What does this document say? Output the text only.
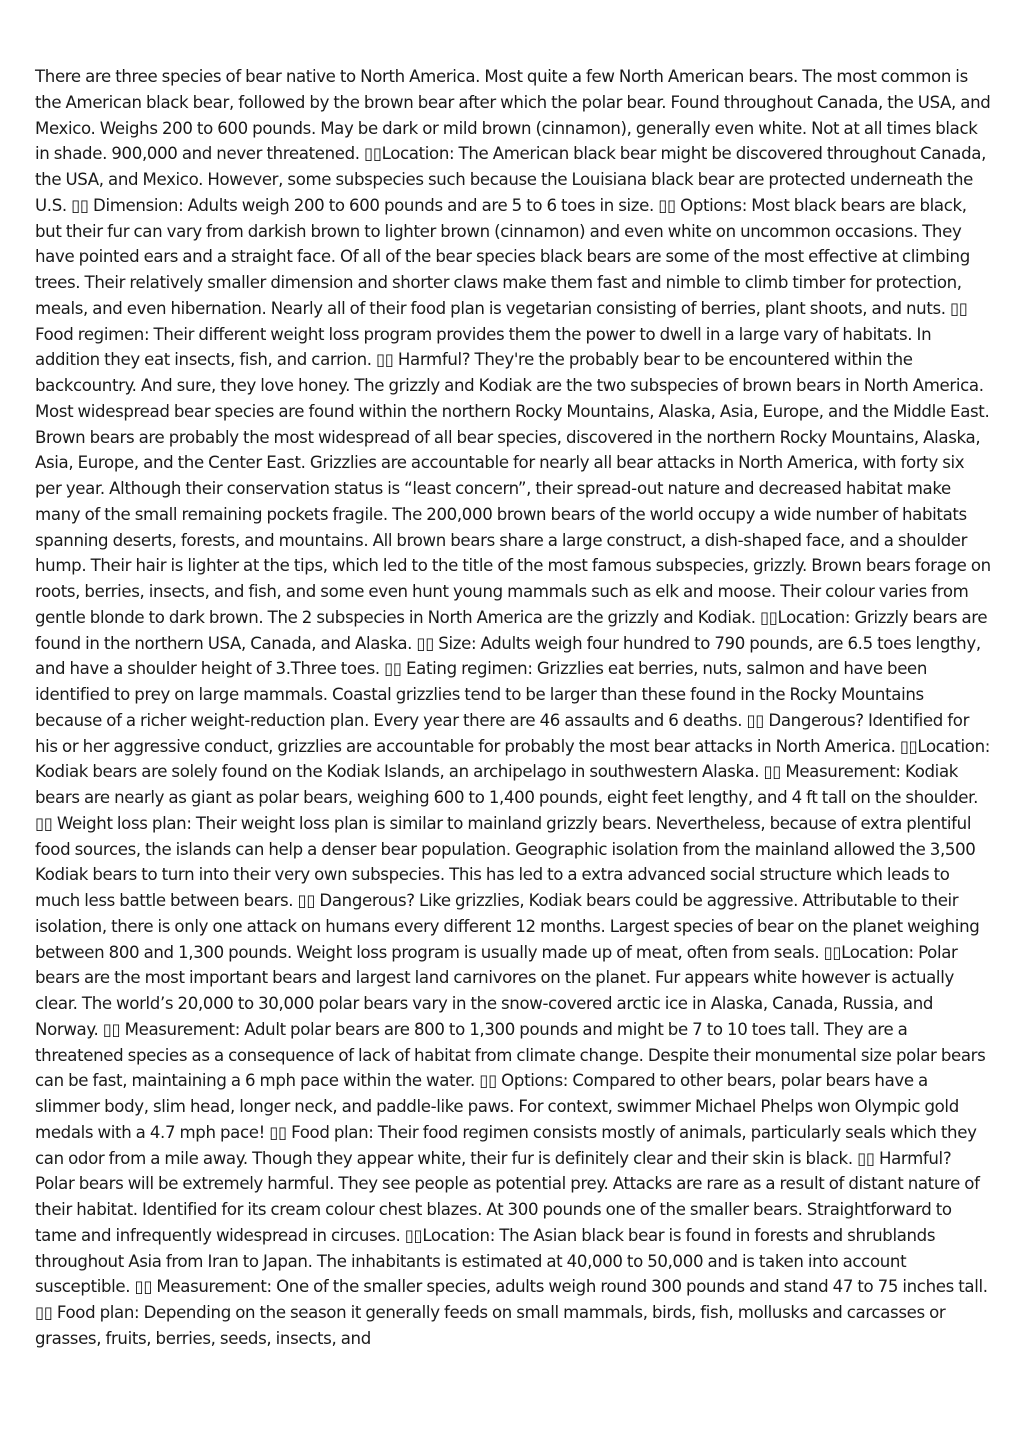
There are three species of bear native to North America. Most quite a few North American bears. The most common is the American black bear, followed by the brown bear after which the polar bear. Found throughout Canada, the USA, and Mexico. Weighs 200 to 600 pounds. May be dark or mild brown (cinnamon), generally even white. Not at all times black in shade. 900,000 and never threatened. ▯▯Location: The American black bear might be discovered throughout Canada, the USA, and Mexico. However, some subspecies such because the Louisiana black bear are protected underneath the U.S. ▯▯ Dimension: Adults weigh 200 to 600 pounds and are 5 to 6 toes in size. ▯▯ Options: Most black bears are black, but their fur can vary from darkish brown to lighter brown (cinnamon) and even white on uncommon occasions. They have pointed ears and a straight face. Of all of the bear species black bears are some of the most effective at climbing trees. Their relatively smaller dimension and shorter claws make them fast and nimble to climb timber for protection, meals, and even hibernation. Nearly all of their food plan is vegetarian consisting of berries, plant shoots, and nuts. ▯▯ Food regimen: Their different weight loss program provides them the power to dwell in a large vary of habitats. In addition they eat insects, fish, and carrion. ▯▯ Harmful? They're the probably bear to be encountered within the backcountry. And sure, they love honey. The grizzly and Kodiak are the two subspecies of brown bears in North America. Most widespread bear species are found within the northern Rocky Mountains, Alaska, Asia, Europe, and the Middle East. Brown bears are probably the most widespread of all bear species, discovered in the northern Rocky Mountains, Alaska, Asia, Europe, and the Center East. Grizzlies are accountable for nearly all bear attacks in North America, with forty six per year. Although their conservation status is “least concern”, their spread-out nature and decreased habitat make many of the small remaining pockets fragile. The 200,000 brown bears of the world occupy a wide number of habitats spanning deserts, forests, and mountains. All brown bears share a large construct, a dish-shaped face, and a shoulder hump. Their hair is lighter at the tips, which led to the title of the most famous subspecies, grizzly. Brown bears forage on roots, berries, insects, and fish, and some even hunt young mammals such as elk and moose. Their colour varies from gentle blonde to dark brown. The 2 subspecies in North America are the grizzly and Kodiak. ▯▯Location: Grizzly bears are found in the northern USA, Canada, and Alaska. ▯▯ Size: Adults weigh four hundred to 790 pounds, are 6.5 toes lengthy, and have a shoulder height of 3.Three toes. ▯▯ Eating regimen: Grizzlies eat berries, nuts, salmon and have been identified to prey on large mammals. Coastal grizzlies tend to be larger than these found in the Rocky Mountains because of a richer weight-reduction plan. Every year there are 46 assaults and 6 deaths. ▯▯ Dangerous? Identified for his or her aggressive conduct, grizzlies are accountable for probably the most bear attacks in North America. ▯▯Location: Kodiak bears are solely found on the Kodiak Islands, an archipelago in southwestern Alaska. ▯▯ Measurement: Kodiak bears are nearly as giant as polar bears, weighing 600 to 1,400 pounds, eight feet lengthy, and 4 ft tall on the shoulder. ▯▯ Weight loss plan: Their weight loss plan is similar to mainland grizzly bears. Nevertheless, because of extra plentiful food sources, the islands can help a denser bear population. Geographic isolation from the mainland allowed the 3,500 Kodiak bears to turn into their very own subspecies. This has led to a extra advanced social structure which leads to much less battle between bears. ▯▯ Dangerous? Like grizzlies, Kodiak bears could be aggressive. Attributable to their isolation, there is only one attack on humans every different 12 months. Largest species of bear on the planet weighing between 800 and 1,300 pounds. Weight loss program is usually made up of meat, often from seals. ▯▯Location: Polar bears are the most important bears and largest land carnivores on the planet. Fur appears white however is actually clear. The world’s 20,000 to 30,000 polar bears vary in the snow-covered arctic ice in Alaska, Canada, Russia, and Norway. ▯▯ Measurement: Adult polar bears are 800 to 1,300 pounds and might be 7 to 10 toes tall. They are a threatened species as a consequence of lack of habitat from climate change. Despite their monumental size polar bears can be fast, maintaining a 6 mph pace within the water. ▯▯ Options: Compared to other bears, polar bears have a slimmer body, slim head, longer neck, and paddle-like paws. For context, swimmer Michael Phelps won Olympic gold medals with a 4.7 mph pace! ▯▯ Food plan: Their food regimen consists mostly of animals, particularly seals which they can odor from a mile away. Though they appear white, their fur is definitely clear and their skin is black. ▯▯ Harmful? Polar bears will be extremely harmful. They see people as potential prey. Attacks are rare as a result of distant nature of their habitat. Identified for its cream colour chest blazes. At 300 pounds one of the smaller bears. Straightforward to tame and infrequently widespread in circuses. ▯▯Location: The Asian black bear is found in forests and shrublands throughout Asia from Iran to Japan. The inhabitants is estimated at 40,000 to 50,000 and is taken into account susceptible. ▯▯ Measurement: One of the smaller species, adults weigh round 300 pounds and stand 47 to 75 inches tall. ▯▯ Food plan: Depending on the season it generally feeds on small mammals, birds, fish, mollusks and carcasses or grasses, fruits, berries, seeds, insects, and
